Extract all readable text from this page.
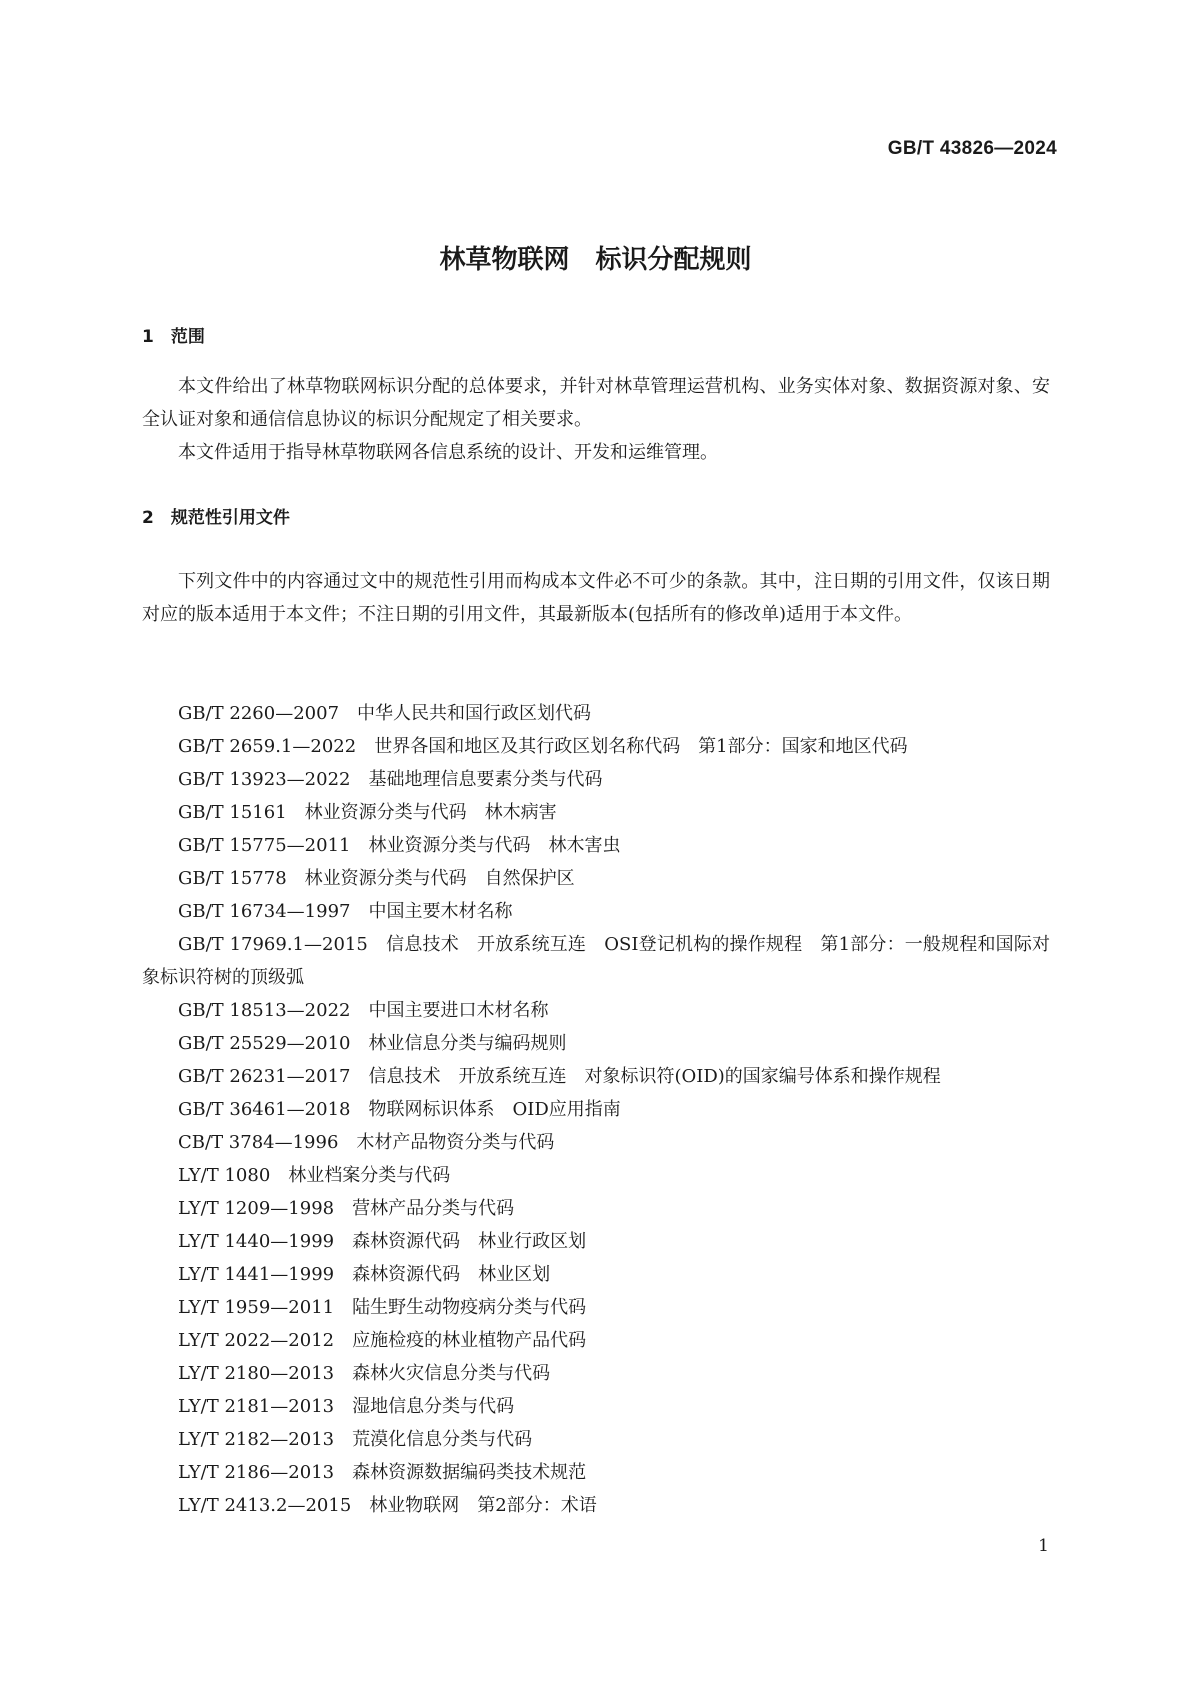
GB/T 43826—2024
林草物联网　标识分配规则
1　范围

本文件给出了林草物联网标识分配的总体要求，并针对林草管理运营机构、业务实体对象、数据资源对象、安全认证对象和通信信息协议的标识分配规定了相关要求。

本文件适用于指导林草物联网各信息系统的设计、开发和运维管理。

2　规范性引用文件

下列文件中的内容通过文中的规范性引用而构成本文件必不可少的条款。其中，注日期的引用文件，仅该日期对应的版本适用于本文件；不注日期的引用文件，其最新版本(包括所有的修改单)适用于本文件。

GB/T 2260—2007　中华人民共和国行政区划代码
GB/T 2659.1—2022　世界各国和地区及其行政区划名称代码　第1部分：国家和地区代码
GB/T 13923—2022　基础地理信息要素分类与代码
GB/T 15161　林业资源分类与代码　林木病害
GB/T 15775—2011　林业资源分类与代码　林木害虫
GB/T 15778　林业资源分类与代码　自然保护区
GB/T 16734—1997　中国主要木材名称
GB/T 17969.1—2015　信息技术　开放系统互连　OSI登记机构的操作规程　第1部分：一般规程和国际对象标识符树的顶级弧
GB/T 18513—2022　中国主要进口木材名称
GB/T 25529—2010　林业信息分类与编码规则
GB/T 26231—2017　信息技术　开放系统互连　对象标识符(OID)的国家编号体系和操作规程
GB/T 36461—2018　物联网标识体系　OID应用指南
CB/T 3784—1996　木材产品物资分类与代码
LY/T 1080　林业档案分类与代码
LY/T 1209—1998　营林产品分类与代码
LY/T 1440—1999　森林资源代码　林业行政区划
LY/T 1441—1999　森林资源代码　林业区划
LY/T 1959—2011　陆生野生动物疫病分类与代码
LY/T 2022—2012　应施检疫的林业植物产品代码
LY/T 2180—2013　森林火灾信息分类与代码
LY/T 2181—2013　湿地信息分类与代码
LY/T 2182—2013　荒漠化信息分类与代码
LY/T 2186—2013　森林资源数据编码类技术规范
LY/T 2413.2—2015　林业物联网　第2部分：术语
1
